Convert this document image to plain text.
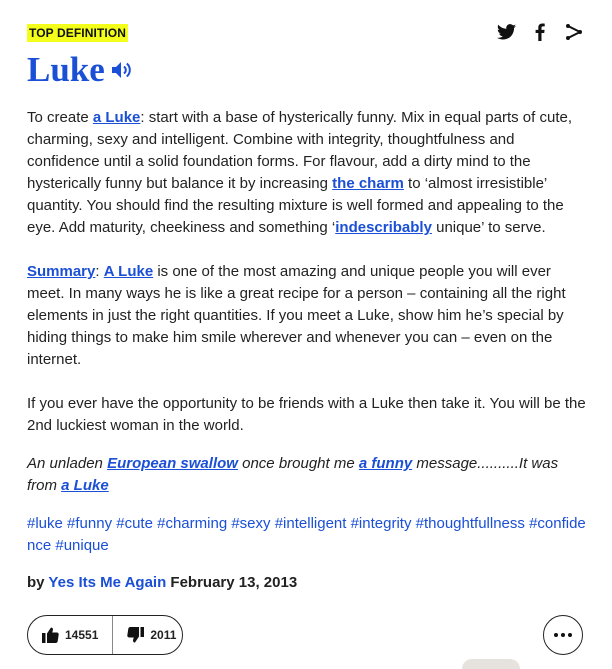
TOP DEFINITION
Luke

To create a Luke: start with a base of hysterically funny. Mix in equal parts of cute, charming, sexy and intelligent. Combine with integrity, thoughtfulness and confidence until a solid foundation forms. For flavour, add a dirty mind to the hysterically funny but balance it by increasing the charm to ‘almost irresistible’ quantity. You should find the resulting mixture is well formed and appealing to the eye. Add maturity, cheekiness and something ‘indescribably unique’ to serve.

Summary: A Luke is one of the most amazing and unique people you will ever meet. In many ways he is like a great recipe for a person – containing all the right elements in just the right quantities. If you meet a Luke, show him he’s special by hiding things to make him smile wherever and whenever you can – even on the internet.

If you ever have the opportunity to be friends with a Luke then take it. You will be the 2nd luckiest woman in the world.

An unladen European swallow once brought me a funny message..........It was from a Luke
#luke #funny #cute #charming #sexy #intelligent #integrity #thoughtfullness #confidence #unique
by Yes Its Me Again February 13, 2013
14551	2011
